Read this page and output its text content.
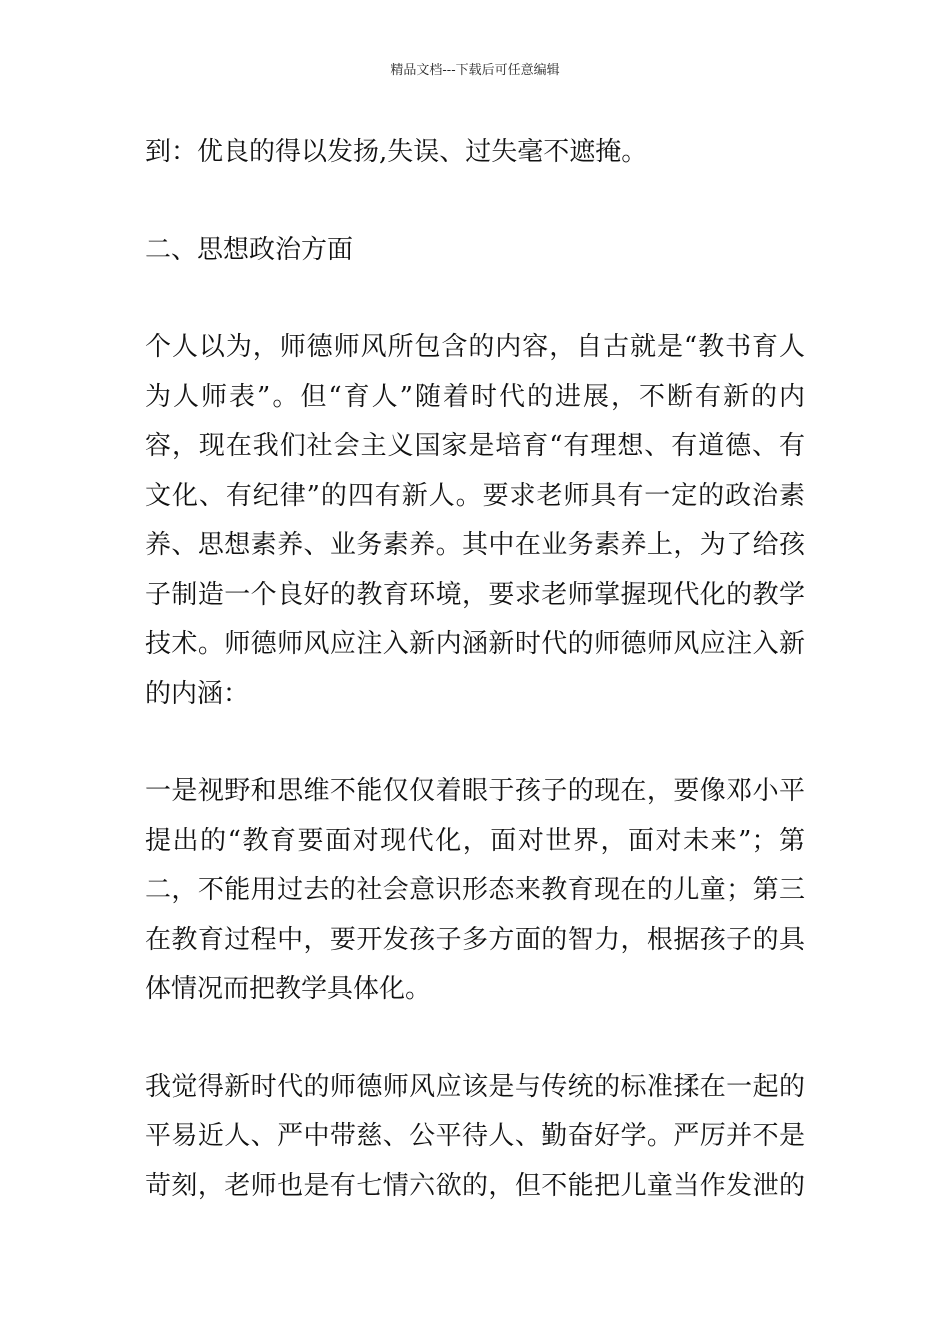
精品文档---下载后可任意编辑
到：优良的得以发扬,失误、过失毫不遮掩。
二、思想政治方面
个人以为，师德师风所包含的内容，自古就是“教书育人
为人师表”。但“育人”随着时代的进展，不断有新的内
容，现在我们社会主义国家是培育“有理想、有道德、有
文化、有纪律”的四有新人。要求老师具有一定的政治素
养、思想素养、业务素养。其中在业务素养上，为了给孩
子制造一个良好的教育环境，要求老师掌握现代化的教学
技术。师德师风应注入新内涵新时代的师德师风应注入新
的内涵：
一是视野和思维不能仅仅着眼于孩子的现在，要像邓小平
提出的“教育要面对现代化，面对世界，面对未来”；第
二，不能用过去的社会意识形态来教育现在的儿童；第三
在教育过程中，要开发孩子多方面的智力，根据孩子的具
体情况而把教学具体化。
我觉得新时代的师德师风应该是与传统的标准揉在一起的
平易近人、严中带慈、公平待人、勤奋好学。严厉并不是
苛刻，老师也是有七情六欲的，但不能把儿童当作发泄的
